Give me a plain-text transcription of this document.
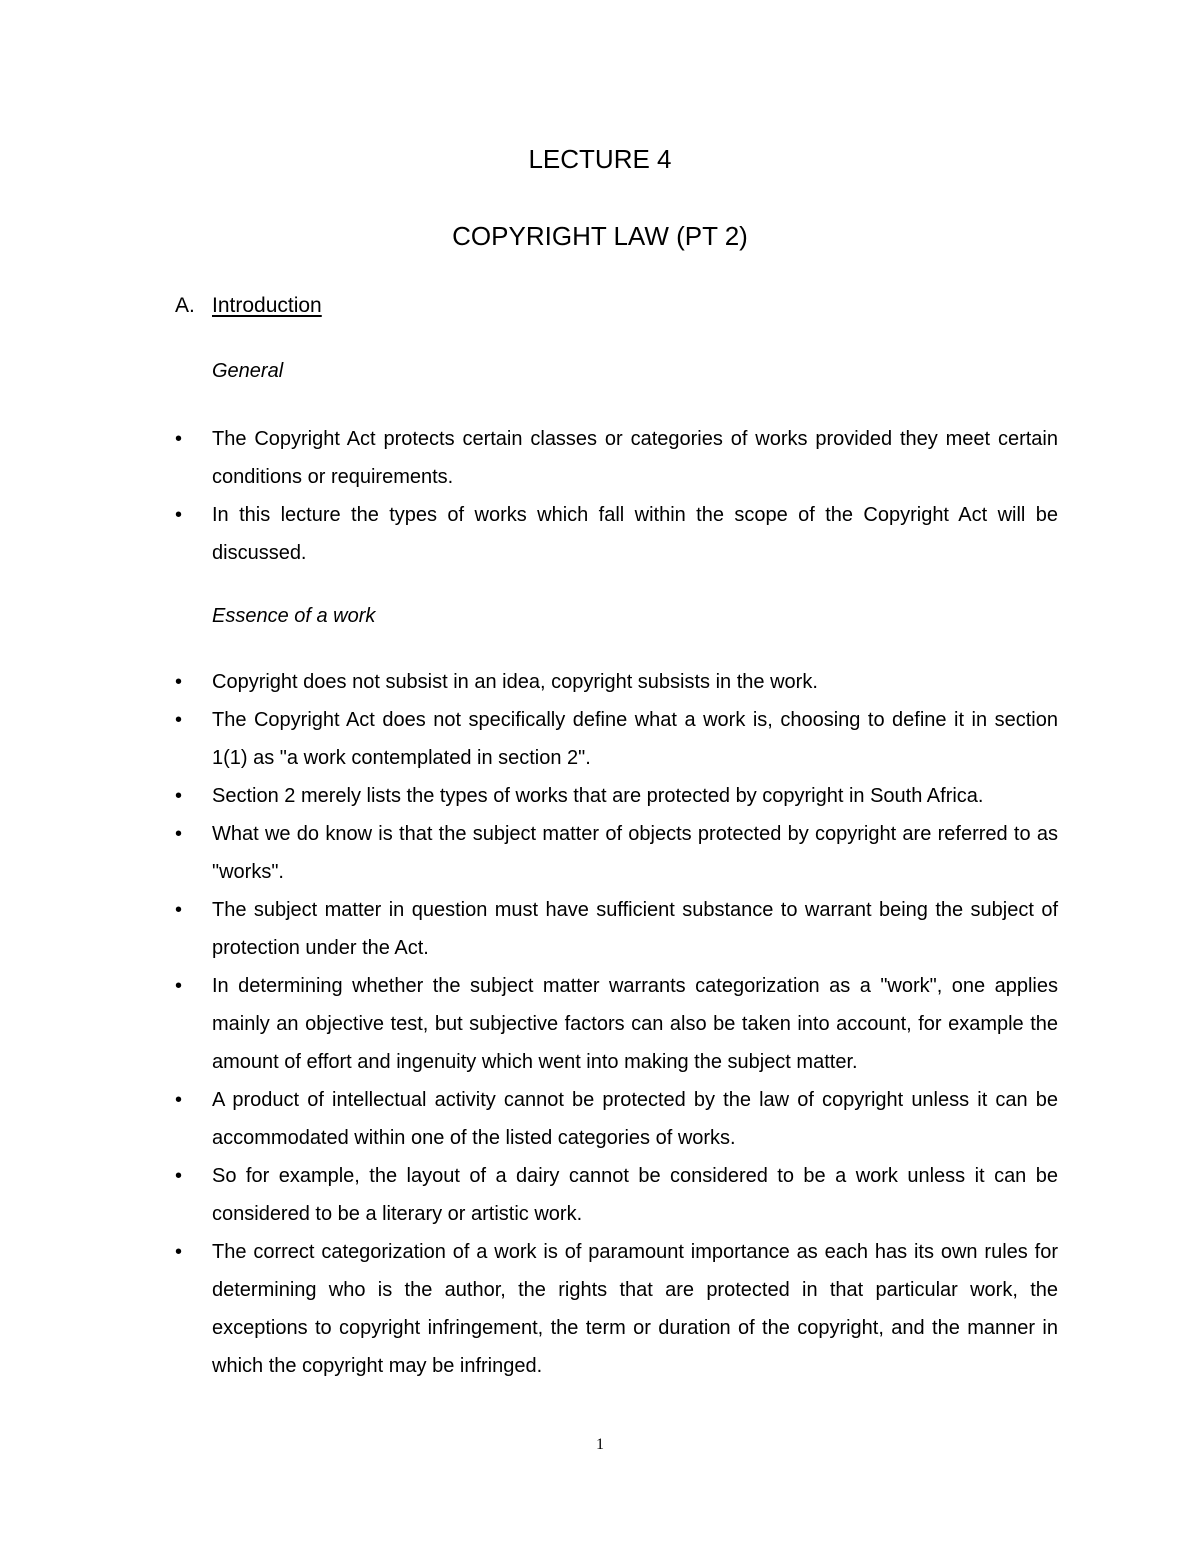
LECTURE 4
COPYRIGHT LAW (PT 2)
A. Introduction
General
• The Copyright Act protects certain classes or categories of works provided they meet certain conditions or requirements.
• In this lecture the types of works which fall within the scope of the Copyright Act will be discussed.
Essence of a work
• Copyright does not subsist in an idea, copyright subsists in the work.
• The Copyright Act does not specifically define what a work is, choosing to define it in section 1(1) as "a work contemplated in section 2".
• Section 2 merely lists the types of works that are protected by copyright in South Africa.
• What we do know is that the subject matter of objects protected by copyright are referred to as "works".
• The subject matter in question must have sufficient substance to warrant being the subject of protection under the Act.
• In determining whether the subject matter warrants categorization as a "work", one applies mainly an objective test, but subjective factors can also be taken into account, for example the amount of effort and ingenuity which went into making the subject matter.
• A product of intellectual activity cannot be protected by the law of copyright unless it can be accommodated within one of the listed categories of works.
• So for example, the layout of a dairy cannot be considered to be a work unless it can be considered to be a literary or artistic work.
• The correct categorization of a work is of paramount importance as each has its own rules for determining who is the author, the rights that are protected in that particular work, the exceptions to copyright infringement, the term or duration of the copyright, and the manner in which the copyright may be infringed.
1
